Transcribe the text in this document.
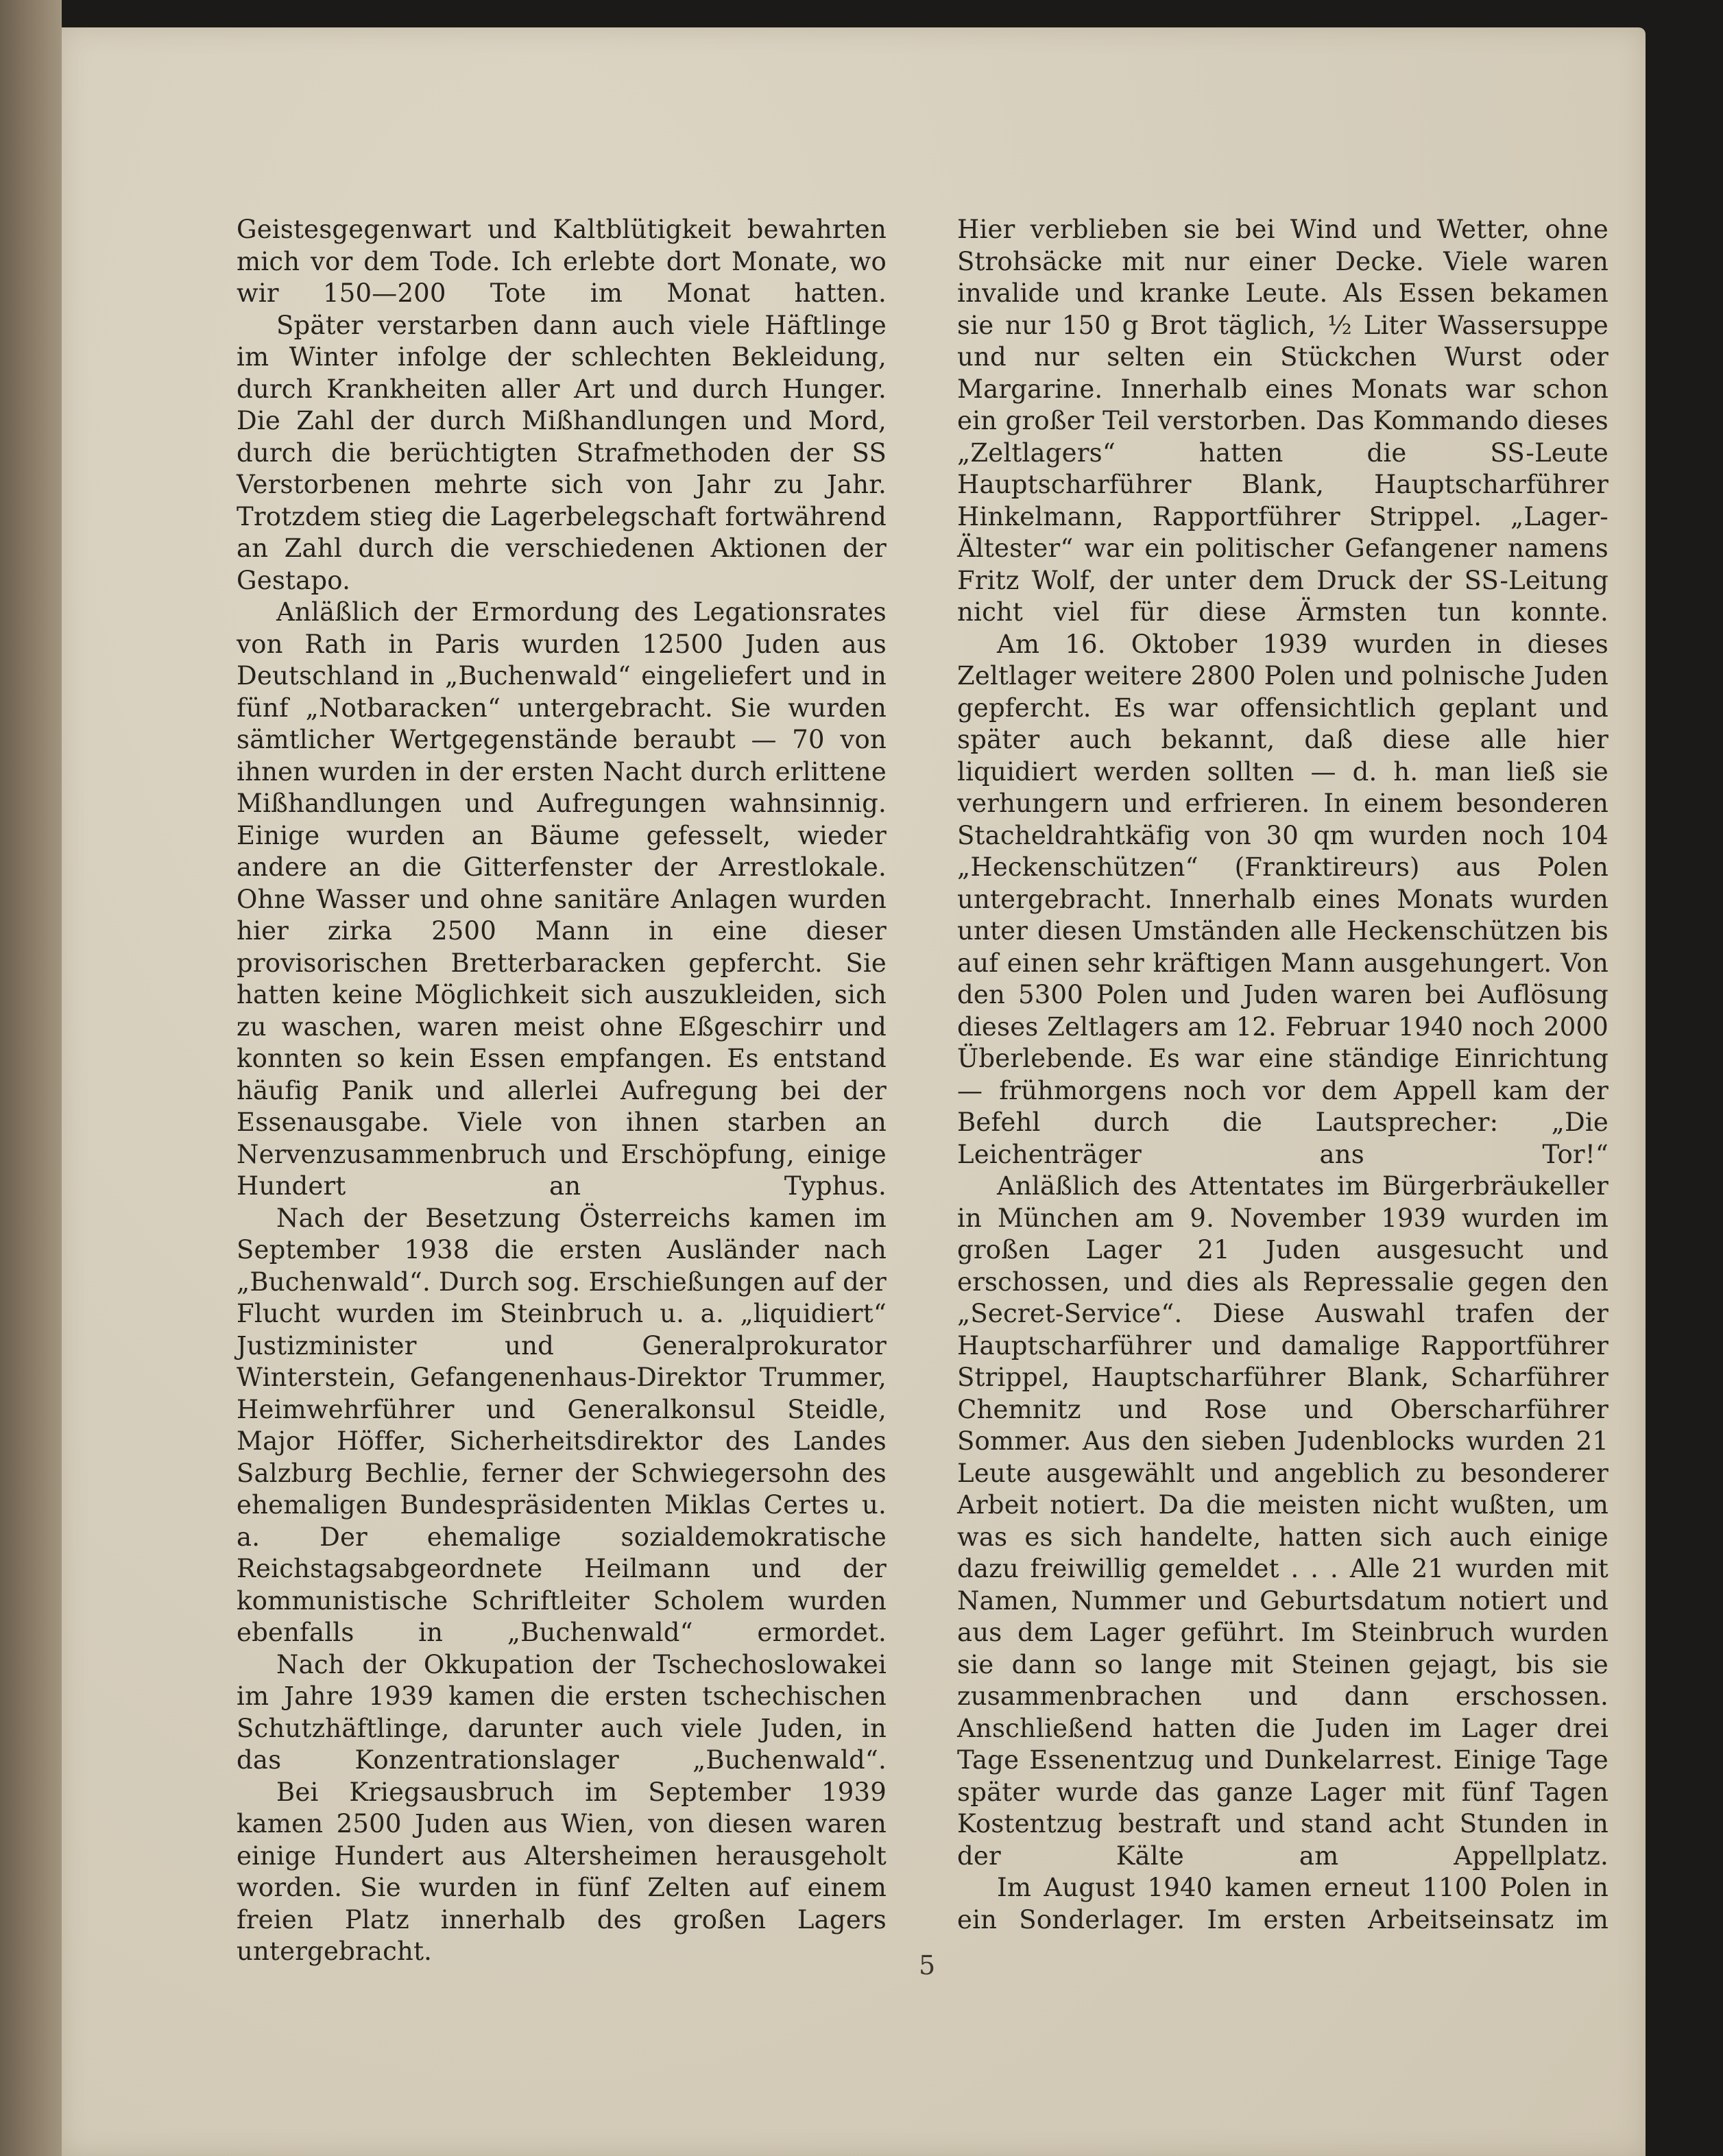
Geistesgegenwart und Kaltblütigkeit bewahrten mich vor dem Tode. Ich erlebte dort Monate, wo wir 150—200 Tote im Monat hatten.

Später verstarben dann auch viele Häftlinge im Winter infolge der schlechten Bekleidung, durch Krankheiten aller Art und durch Hunger. Die Zahl der durch Mißhandlungen und Mord, durch die berüchtigten Strafmethoden der SS Verstorbenen mehrte sich von Jahr zu Jahr. Trotzdem stieg die Lagerbelegschaft fortwährend an Zahl durch die verschiedenen Aktionen der Gestapo.

Anläßlich der Ermordung des Legationsrates von Rath in Paris wurden 12500 Juden aus Deutschland in „Buchenwald“ eingeliefert und in fünf „Notbaracken“ untergebracht. Sie wurden sämtlicher Wertgegenstände beraubt — 70 von ihnen wurden in der ersten Nacht durch erlittene Mißhandlungen und Aufregungen wahnsinnig. Einige wurden an Bäume gefesselt, wieder andere an die Gitterfenster der Arrestlokale. Ohne Wasser und ohne sanitäre Anlagen wurden hier zirka 2500 Mann in eine dieser provisorischen Bretterbaracken gepfercht. Sie hatten keine Möglichkeit sich auszukleiden, sich zu waschen, waren meist ohne Eßgeschirr und konnten so kein Essen empfangen. Es entstand häufig Panik und allerlei Aufregung bei der Essenausgabe. Viele von ihnen starben an Nervenzusammenbruch und Erschöpfung, einige Hundert an Typhus.

Nach der Besetzung Österreichs kamen im September 1938 die ersten Ausländer nach „Buchenwald“. Durch sog. Erschießungen auf der Flucht wurden im Steinbruch u. a. „liquidiert“ Justizminister und Generalprokurator Winterstein, Gefangenenhaus-Direktor Trummer, Heimwehrführer und Generalkonsul Steidle, Major Höffer, Sicherheitsdirektor des Landes Salzburg Bechlie, ferner der Schwiegersohn des ehemaligen Bundespräsidenten Miklas Certes u. a. Der ehemalige sozialdemokratische Reichstagsabgeordnete Heilmann und der kommunistische Schriftleiter Scholem wurden ebenfalls in „Buchenwald“ ermordet.

Nach der Okkupation der Tschechoslowakei im Jahre 1939 kamen die ersten tschechischen Schutzhäftlinge, darunter auch viele Juden, in das Konzentrationslager „Buchenwald“.

Bei Kriegsausbruch im September 1939 kamen 2500 Juden aus Wien, von diesen waren einige Hundert aus Altersheimen herausgeholt worden. Sie wurden in fünf Zelten auf einem freien Platz innerhalb des großen Lagers untergebracht.

Hier verblieben sie bei Wind und Wetter, ohne Strohsäcke mit nur einer Decke. Viele waren invalide und kranke Leute. Als Essen bekamen sie nur 150 g Brot täglich, ½ Liter Wassersuppe und nur selten ein Stückchen Wurst oder Margarine. Innerhalb eines Monats war schon ein großer Teil verstorben. Das Kommando dieses „Zeltlagers“ hatten die SS-Leute Hauptscharführer Blank, Hauptscharführer Hinkelmann, Rapportführer Strippel. „Lager-Ältester“ war ein politischer Gefangener namens Fritz Wolf, der unter dem Druck der SS-Leitung nicht viel für diese Ärmsten tun konnte.

Am 16. Oktober 1939 wurden in dieses Zeltlager weitere 2800 Polen und polnische Juden gepfercht. Es war offensichtlich geplant und später auch bekannt, daß diese alle hier liquidiert werden sollten — d. h. man ließ sie verhungern und erfrieren. In einem besonderen Stacheldrahtkäfig von 30 qm wurden noch 104 „Heckenschützen“ (Franktireurs) aus Polen untergebracht. Innerhalb eines Monats wurden unter diesen Umständen alle Heckenschützen bis auf einen sehr kräftigen Mann ausgehungert. Von den 5300 Polen und Juden waren bei Auflösung dieses Zeltlagers am 12. Februar 1940 noch 2000 Überlebende. Es war eine ständige Einrichtung — frühmorgens noch vor dem Appell kam der Befehl durch die Lautsprecher: „Die Leichenträger ans Tor!“

Anläßlich des Attentates im Bürgerbräukeller in München am 9. November 1939 wurden im großen Lager 21 Juden ausgesucht und erschossen, und dies als Repressalie gegen den „Secret-Service“. Diese Auswahl trafen der Hauptscharführer und damalige Rapportführer Strippel, Hauptscharführer Blank, Scharführer Chemnitz und Rose und Oberscharführer Sommer. Aus den sieben Judenblocks wurden 21 Leute ausgewählt und angeblich zu besonderer Arbeit notiert. Da die meisten nicht wußten, um was es sich handelte, hatten sich auch einige dazu freiwillig gemeldet . . . Alle 21 wurden mit Namen, Nummer und Geburtsdatum notiert und aus dem Lager geführt. Im Steinbruch wurden sie dann so lange mit Steinen gejagt, bis sie zusammenbrachen und dann erschossen. Anschließend hatten die Juden im Lager drei Tage Essenentzug und Dunkelarrest. Einige Tage später wurde das ganze Lager mit fünf Tagen Kostentzug bestraft und stand acht Stunden in der Kälte am Appellplatz.

Im August 1940 kamen erneut 1100 Polen in ein Sonderlager. Im ersten Arbeitseinsatz im

5
